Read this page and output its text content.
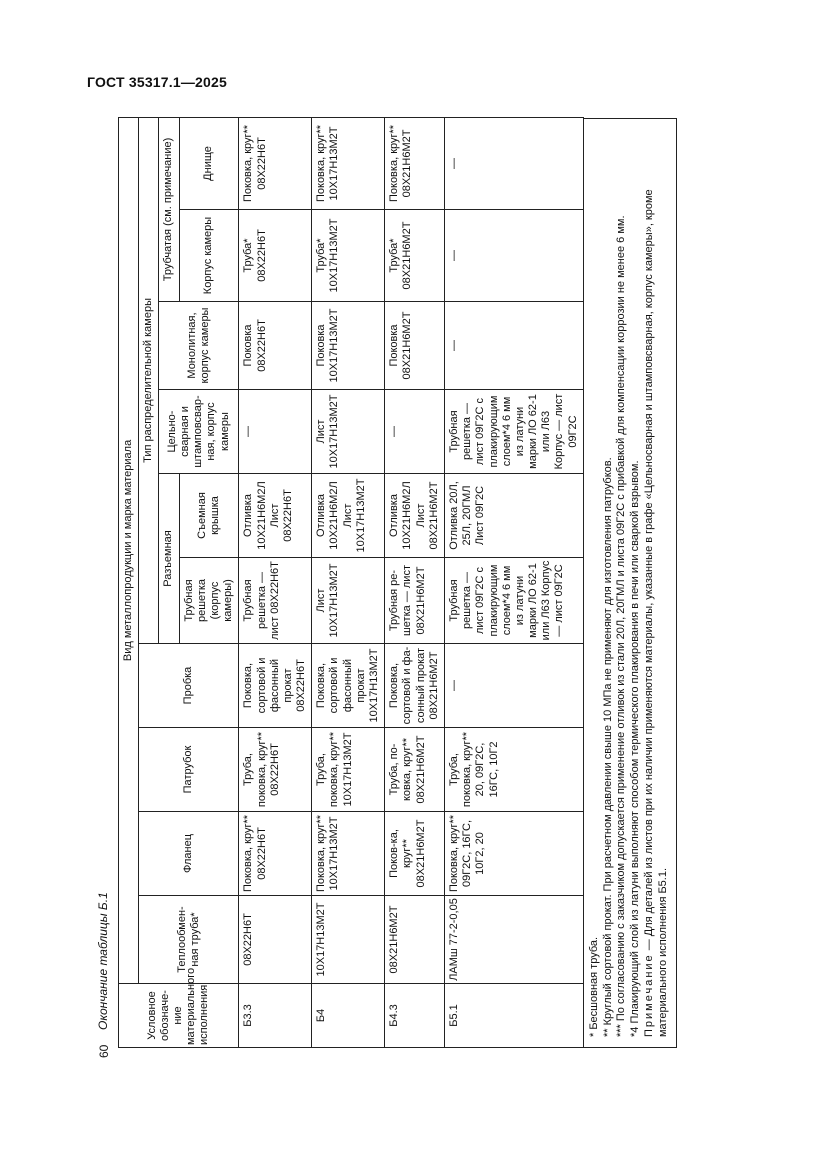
ГОСТ 35317.1—2025
60
Окончание таблицы Б.1	Условное обозначе-ние материального исполнения	Вид металлопродукции и марка материала									
	Теплообмен-ная труба*	Фланец	Патрубок	Пробка	Тип распределительной камеры					
					Разъемная		Цельно-сварная и штамповсвар-ная, корпус камеры	Монолитная, корпус камеры	Трубчатая (см. примечание)	
					Трубная решетка (корпус камеры)	Съемная крышка			Корпус камеры	Днище
Б3.3	08Х22Н6Т	Поковка, круг** 08Х22Н6Т	Труба, поковка, круг** 08Х22Н6Т	Поковка, сортовой и фасонный прокат 08Х22Н6Т	Трубная решетка — лист 08Х22Н6Т	Отливка 10Х21Н6М2Л Лист 08Х22Н6Т	—	Поковка 08Х22Н6Т	Труба* 08Х22Н6Т	Поковка, круг** 08Х22Н6Т
Б4	10Х17Н13М2Т	Поковка, круг** 10Х17Н13М2Т	Труба, поковка, круг** 10Х17Н13М2Т	Поковка, сортовой и фасонный прокат 10Х17Н13М2Т	Лист 10Х17Н13М2Т	Отливка 10Х21Н6М2Л Лист 10Х17Н13М2Т	Лист 10Х17Н13М2Т	Поковка 10Х17Н13М2Т	Труба* 10Х17Н13М2Т	Поковка, круг** 10Х17Н13М2Т
Б4.3	08Х21Н6М2Т	Поков-ка, круг** 08Х21Н6М2Т	Труба, по-ковка, круг** 08Х21Н6М2Т	Поковка, сортовой и фа-сонный прокат 08Х21Н6М2Т	Трубная ре-шетка — лист 08Х21Н6М2Т	Отливка 10Х21Н6М2Л Лист 08Х21Н6М2Т	—	Поковка 08Х21Н6М2Т	Труба* 08Х21Н6М2Т	Поковка, круг** 08Х21Н6М2Т
Б5.1	ЛАМш 77-2-0,05	Поковка, круг** 09Г2С, 16ГС, 10Г2, 20	Труба, поковка, круг** 20, 09Г2С, 16ГС, 10Г2	—	Трубная решетка — лист 09Г2С с плакирующим слоем*4 6 мм из латуни марки ЛО 62-1 или Л63 Корпус — лист 09Г2С	Отливка 20Л, 25Л, 20ГМЛ Лист 09Г2С	Трубная решетка — лист 09Г2С с плакирующим слоем*4 6 мм из латуни марки ЛО 62-1 или Л63 Корпус — лист 09Г2С	—	—	—

* Бесшовная труба. ** Круглый сортовой прокат. При расчетном давлении свыше 10 МПа не применяют для изготовления патрубков. *** По согласованию с заказчиком допускается применение отливок из стали 20Л, 20ГМЛ и листа 09Г2С с прибавкой для компенсации коррозии не менее 6 мм. *4 Плакирующий слой из латуни выполняют способом термического плакирования в печи или сваркой взрывом. Примечание — Для деталей из листов при их наличии применяются материалы, указанные в графе «Цельносварная и штамповсварная, корпус камеры», кроме материального исполнения Б5.1.
